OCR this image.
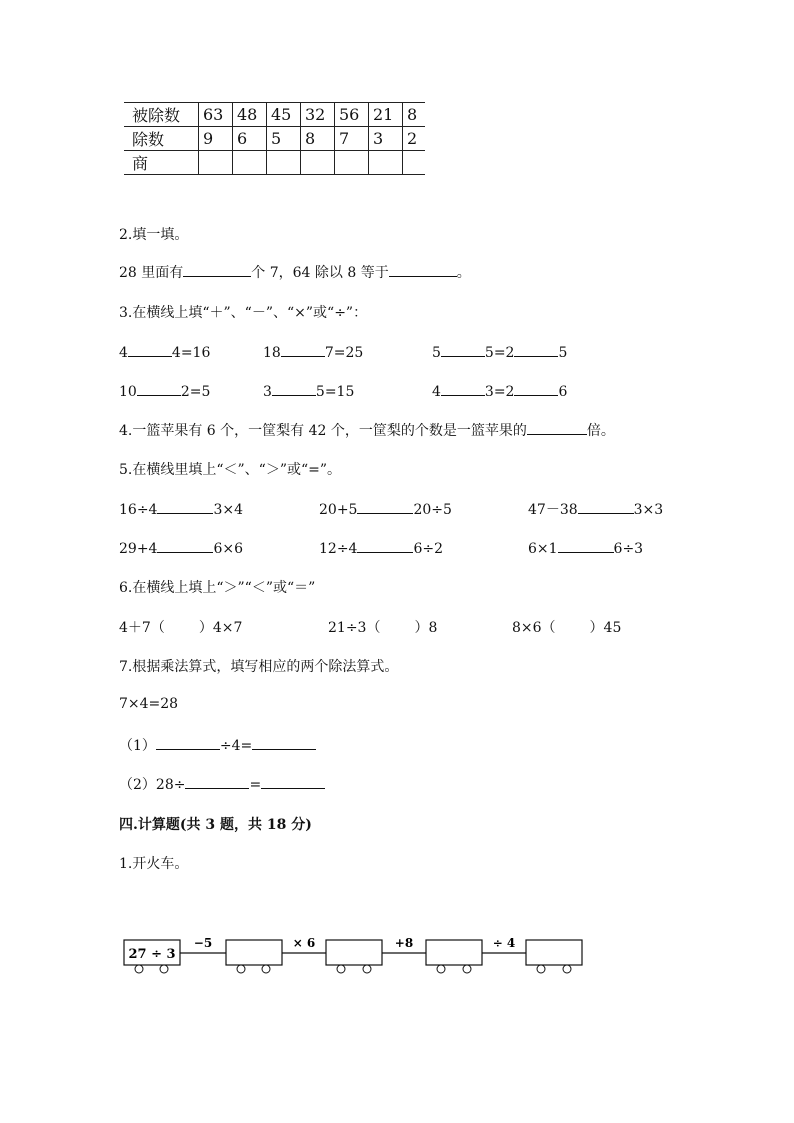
被除数	63	48	45	32	56	21	8
除数	9	6	5	8	7	3	2
商							
2.填一填。
28 里面有	个 7，64 除以 8 等于	。
3.在横线上填“＋”、“－”、“×”或“÷”：
4	4=16	18	7=25	5	5=2	5
10	2=5	3	5=15	4	3=2	6
4.一篮苹果有 6 个，一筐梨有 42 个，一筐梨的个数是一篮苹果的	倍。
5.在横线里填上“＜”、“＞”或“=”。
16÷4	3×4	20+5	20÷5	47－38	3×3
29+4	6×6	12÷4	6÷2	6×1	6÷3
6.在横线上填上“＞”“＜”或“＝”
4＋7（ ）4×7	21÷3（ ）8	8×6（ ）45
7.根据乘法算式，填写相应的两个除法算式。
7×4=28
（1）	÷4=
（2）28÷	=
四.计算题(共 3 题，共 18 分)
1.开火车。
27 ÷ 3
−5	× 6	+8	÷ 4
